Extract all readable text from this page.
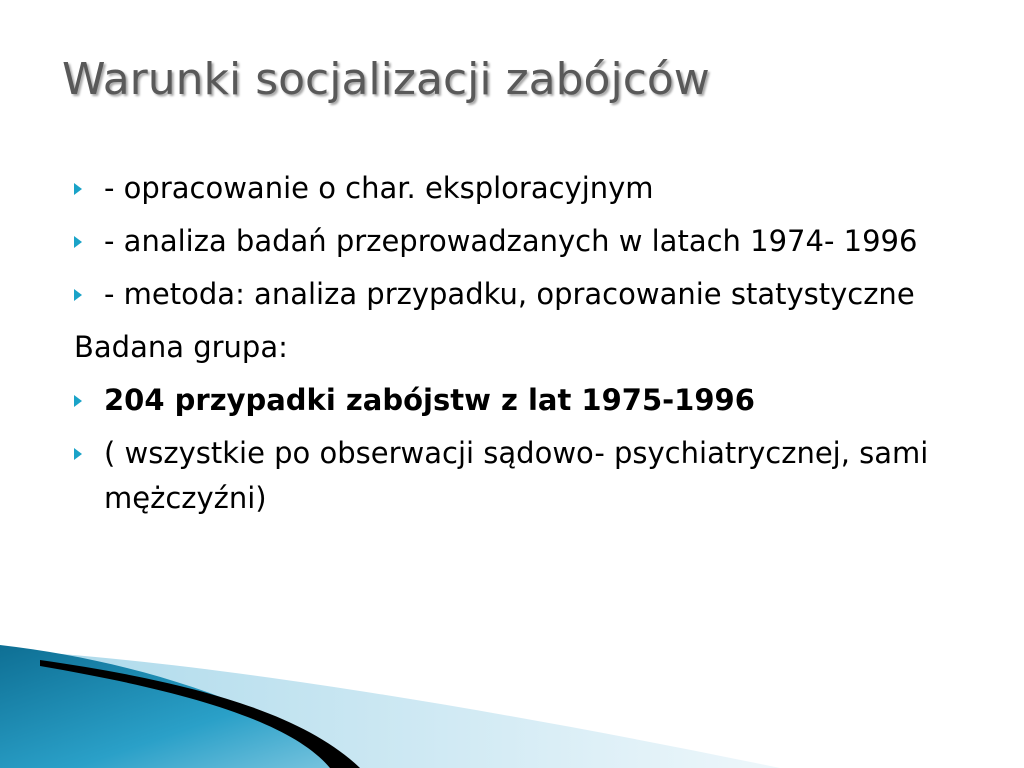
Warunki socjalizacji zabójców
- opracowanie o char. eksploracyjnym
- analiza badań przeprowadzanych w latach 1974- 1996
- metoda: analiza przypadku, opracowanie statystyczne
Badana grupa:
204 przypadki zabójstw z lat 1975-1996
( wszystkie po obserwacji sądowo- psychiatrycznej, sami mężczyźni)
